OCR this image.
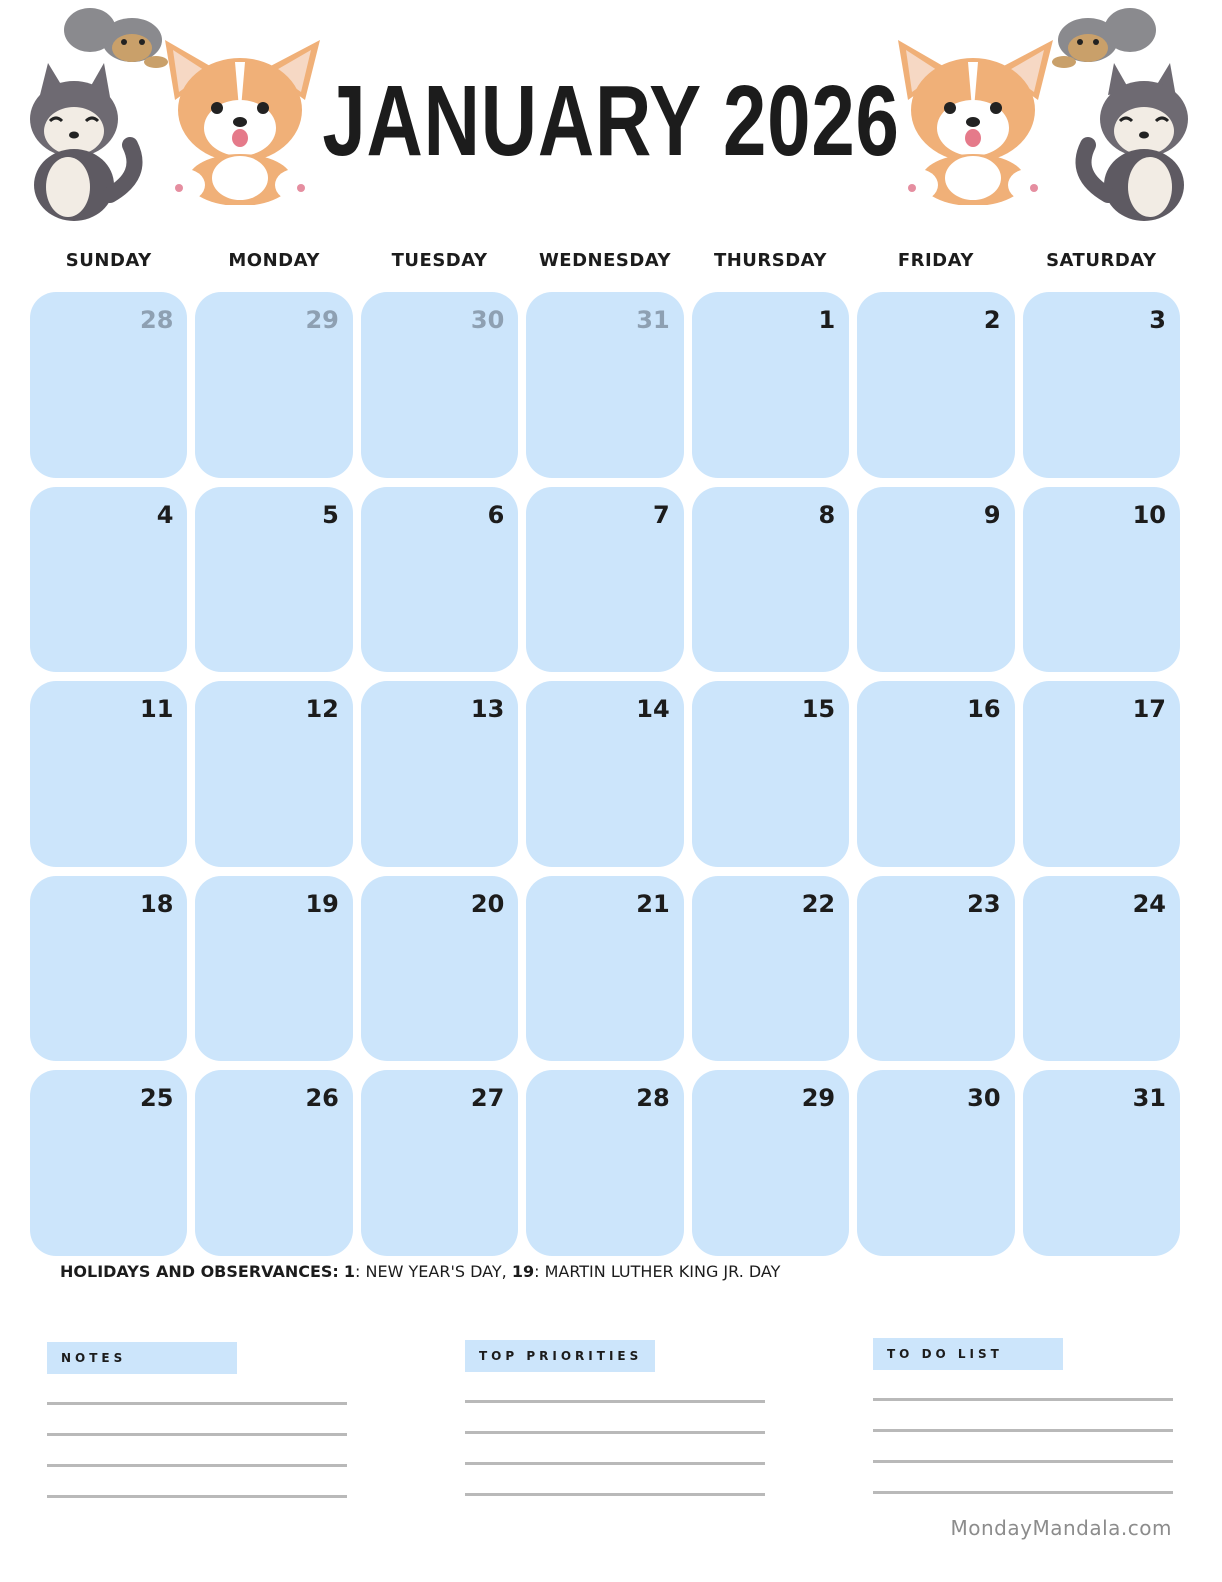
JANUARY 2026
SUNDAY	MONDAY	TUESDAY	WEDNESDAY	THURSDAY	FRIDAY	SATURDAY
28	29	30	31	1	2	3
4	5	6	7	8	9	10
11	12	13	14	15	16	17
18	19	20	21	22	23	24
25	26	27	28	29	30	31
HOLIDAYS AND OBSERVANCES: 1: NEW YEAR'S DAY, 19: MARTIN LUTHER KING JR. DAY
NOTES	TOP PRIORITIES	TO DO LIST
MondayMandala.com
